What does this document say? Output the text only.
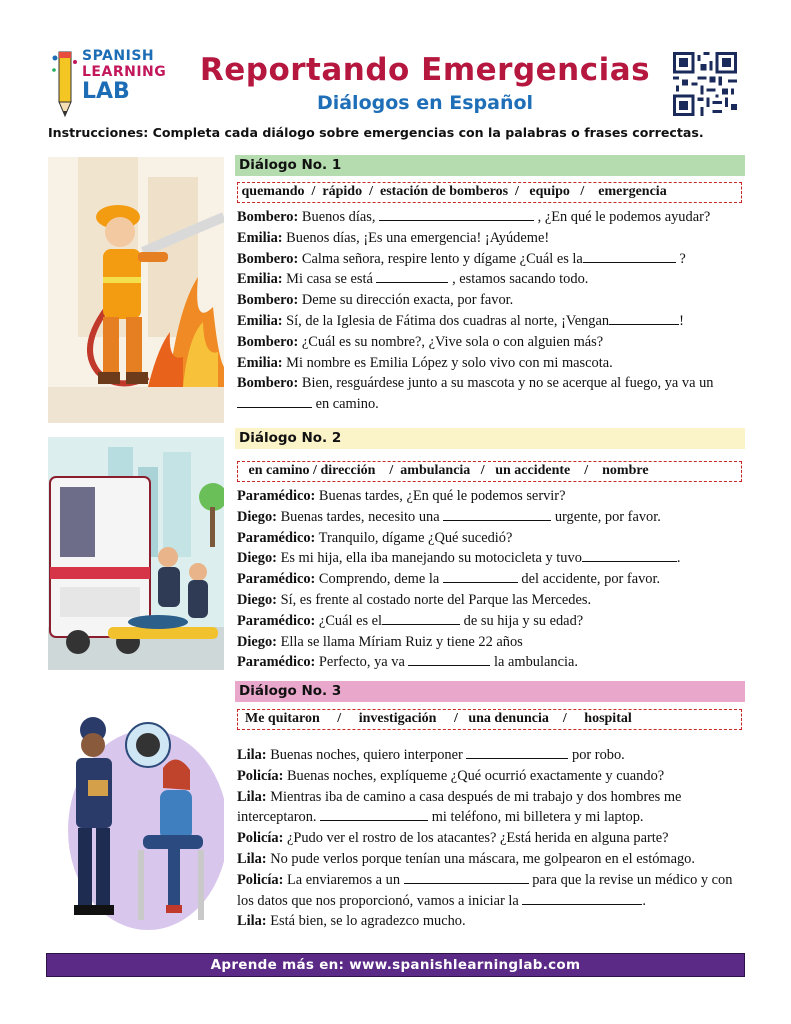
SPANISH
LEARNING
LAB
Reportando Emergencias
Diálogos en Español
Instrucciones: Completa cada diálogo sobre emergencias con la palabras o frases correctas.
Diálogo No. 1
quemando  /  rápido  /  estación de bomberos  /   equipo   /    emergencia
Bombero: Buenos días,	, ¿En qué le podemos ayudar?
Emilia: Buenos días, ¡Es una emergencia! ¡Ayúdeme!
Bombero: Calma señora, respire lento y dígame ¿Cuál es la	?
Emilia: Mi casa se está	, estamos sacando todo.
Bombero: Deme su dirección exacta, por favor.
Emilia: Sí, de la Iglesia de Fátima dos cuadras al norte, ¡Vengan	!
Bombero: ¿Cuál es su nombre?, ¿Vive sola o con alguien más?
Emilia: Mi nombre es Emilia López y solo vivo con mi mascota.
Bombero: Bien, resguárdese junto a su mascota y no se acerque al fuego, ya va un en camino.
Diálogo No. 2
en camino / dirección    /  ambulancia   /   un accidente    /    nombre
Paramédico: Buenas tardes, ¿En qué le podemos servir?
Diego: Buenas tardes, necesito una	urgente, por favor.
Paramédico: Tranquilo, dígame ¿Qué sucedió?
Diego: Es mi hija, ella iba manejando su motocicleta y tuvo	.
Paramédico: Comprendo, deme la	del accidente, por favor.
Diego: Sí, es frente al costado norte del Parque las Mercedes.
Paramédico: ¿Cuál es el	de su hija y su edad?
Diego: Ella se llama Míriam Ruiz y tiene 22 años
Paramédico: Perfecto, ya va	la ambulancia.
Diálogo No. 3
Me quitaron     /     investigación     /   una denuncia    /     hospital
Lila: Buenas noches, quiero interponer	por robo.
Policía: Buenas noches, explíqueme ¿Qué ocurrió exactamente y cuando?
Lila: Mientras iba de camino a casa después de mi trabajo y dos hombres me interceptaron.	mi teléfono, mi billetera y mi laptop.
Policía: ¿Pudo ver el rostro de los atacantes? ¿Está herida en alguna parte?
Lila: No pude verlos porque tenían una máscara, me golpearon en el estómago.
Policía: La enviaremos a un	para que la revise un médico y con los datos que nos proporcionó, vamos a iniciar la	.
Lila: Está bien, se lo agradezco mucho.
Aprende más en: www.spanishlearninglab.com
